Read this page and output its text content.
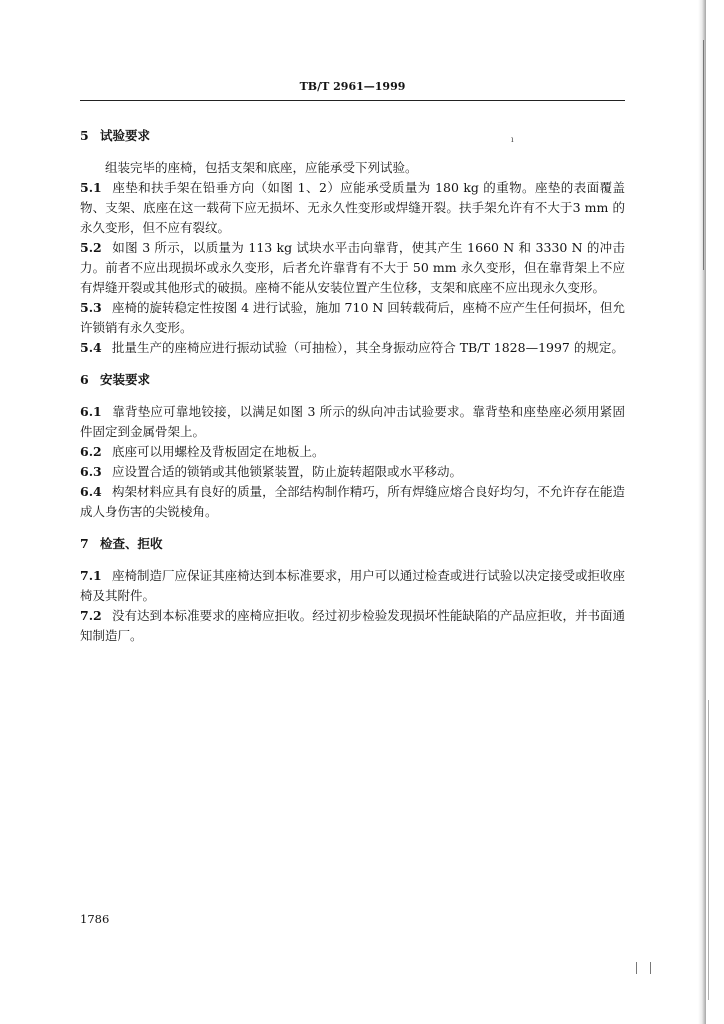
TB/T 2961—1999
ı

5 试验要求

组装完毕的座椅，包括支架和底座，应能承受下列试验。

5.1 座垫和扶手架在铅垂方向（如图 1、2）应能承受质量为 180 kg 的重物。座垫的表面覆盖物、支架、底座在这一载荷下应无损坏、无永久性变形或焊缝开裂。扶手架允许有不大于3 mm 的永久变形，但不应有裂纹。

5.2 如图 3 所示，以质量为 113 kg 试块水平击向靠背，使其产生 1660 N 和 3330 N 的冲击力。前者不应出现损坏或永久变形，后者允许靠背有不大于 50 mm 永久变形，但在靠背架上不应有焊缝开裂或其他形式的破损。座椅不能从安装位置产生位移，支架和底座不应出现永久变形。

5.3 座椅的旋转稳定性按图 4 进行试验，施加 710 N 回转载荷后，座椅不应产生任何损坏，但允许锁销有永久变形。

5.4 批量生产的座椅应进行振动试验（可抽检），其全身振动应符合 TB/T 1828—1997 的规定。

6 安装要求

6.1 靠背垫应可靠地铰接，以满足如图 3 所示的纵向冲击试验要求。靠背垫和座垫座必须用紧固件固定到金属骨架上。

6.2 底座可以用螺栓及背板固定在地板上。

6.3 应设置合适的锁销或其他锁紧装置，防止旋转超限或水平移动。

6.4 构架材料应具有良好的质量，全部结构制作精巧，所有焊缝应熔合良好均匀，不允许存在能造成人身伤害的尖锐棱角。

7 检查、拒收

7.1 座椅制造厂应保证其座椅达到本标准要求，用户可以通过检查或进行试验以决定接受或拒收座椅及其附件。

7.2 没有达到本标准要求的座椅应拒收。经过初步检验发现损坏性能缺陷的产品应拒收，并书面通知制造厂。

1786
